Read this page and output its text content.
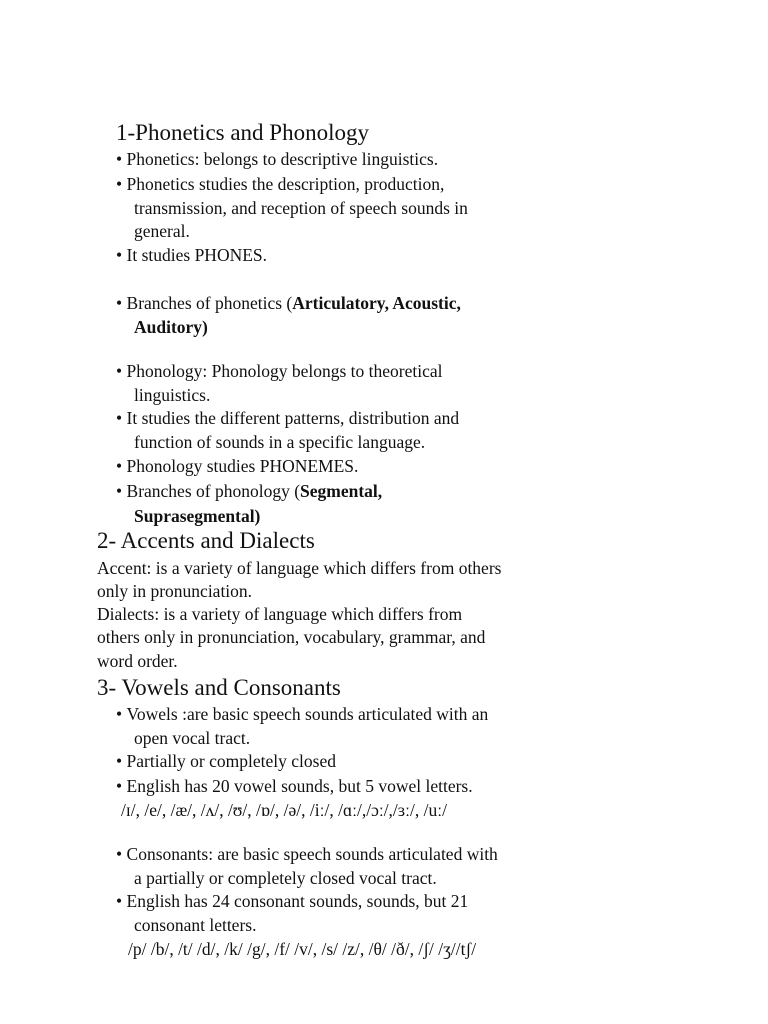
1-Phonetics and Phonology
• Phonetics: belongs to descriptive linguistics.
• Phonetics studies the description, production,
transmission, and reception of speech sounds in
general.
• It studies PHONES.
• Branches of phonetics (Articulatory, Acoustic,
Auditory)
• Phonology: Phonology belongs to theoretical
linguistics.
• It studies the different patterns, distribution and
function of sounds in a specific language.
• Phonology studies PHONEMES.
• Branches of phonology (Segmental,
Suprasegmental)
2- Accents and Dialects
Accent: is a variety of language which differs from others
only in pronunciation.
Dialects: is a variety of language which differs from
others only in pronunciation, vocabulary, grammar, and
word order.
3- Vowels and Consonants
• Vowels :are basic speech sounds articulated with an
open vocal tract.
• Partially or completely closed
• English has 20 vowel sounds, but 5 vowel letters.
/ɪ/, /e/, /æ/, /ʌ/, /ʊ/, /ɒ/, /ə/, /iː/, /ɑː/,/ɔː/,/ɜː/, /uː/
• Consonants: are basic speech sounds articulated with
a partially or completely closed vocal tract.
• English has 24 consonant sounds, sounds, but 21
consonant letters.
/p/ /b/, /t/ /d/, /k/ /g/, /f/ /v/, /s/ /z/, /θ/ /ð/, /ʃ/ /ʒ//tʃ/
